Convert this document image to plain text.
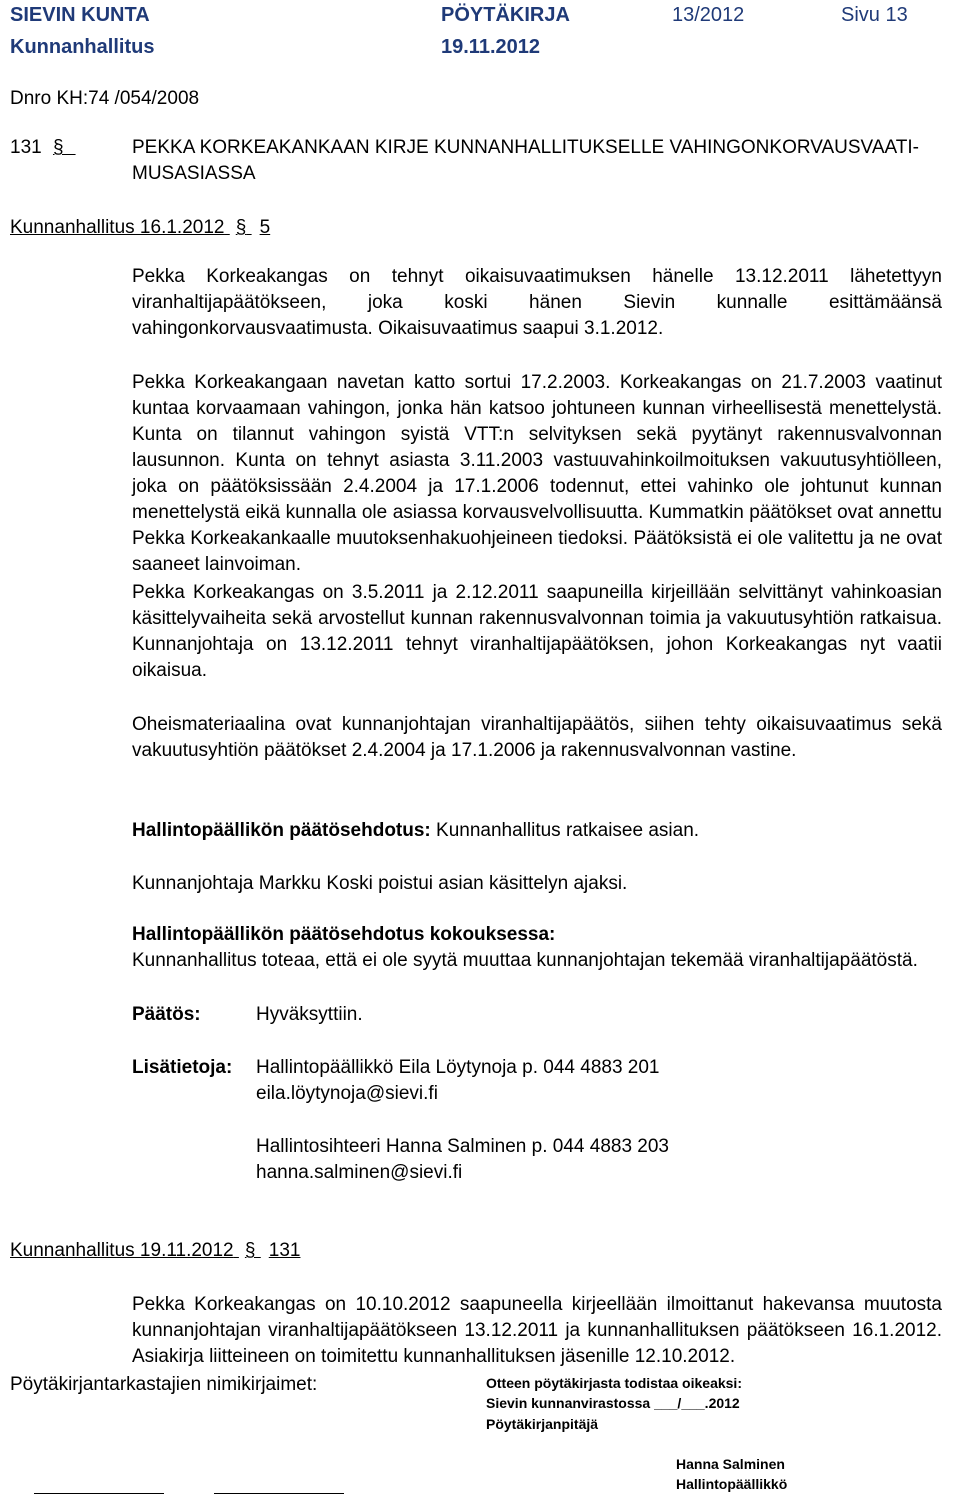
SIEVIN KUNTA	PÖYTÄKIRJA	13/2012	Sivu 13
Kunnanhallitus	19.11.2012
Dnro KH:74 /054/2008
131 §	PEKKA KORKEAKANKAAN KIRJE KUNNANHALLITUKSELLE VAHINGONKORVAUSVAATI-
MUSASIASSA
Kunnanhallitus 16.1.2012 § 5
Pekka Korkeakangas on tehnyt oikaisuvaatimuksen hänelle 13.12.2011 lähetettyyn viranhaltijapäätökseen, joka koski hänen Sievin kunnalle esittämäänsä vahingonkorvausvaatimusta. Oikaisuvaatimus saapui 3.1.2012.
Pekka Korkeakangaan navetan katto sortui 17.2.2003. Korkeakangas on 21.7.2003 vaatinut kuntaa korvaamaan vahingon, jonka hän katsoo johtuneen kunnan virheellisestä menettelystä. Kunta on tilannut vahingon syistä VTT:n selvityksen sekä pyytänyt rakennusvalvonnan lausunnon. Kunta on tehnyt asiasta 3.11.2003 vastuuvahinkoilmoituksen vakuutusyhtiölleen, joka on päätöksissään 2.4.2004 ja 17.1.2006 todennut, ettei vahinko ole johtunut kunnan menettelystä eikä kunnalla ole asiassa korvausvelvollisuutta. Kummatkin päätökset ovat annettu Pekka Korkeakankaalle muutoksenhakuohjeineen tiedoksi. Päätöksistä ei ole valitettu ja ne ovat saaneet lainvoiman.
Pekka Korkeakangas on 3.5.2011 ja 2.12.2011 saapuneilla kirjeillään selvittänyt vahinkoasian käsittelyvaiheita sekä arvostellut kunnan rakennusvalvonnan toimia ja vakuutusyhtiön ratkaisua. Kunnanjohtaja on 13.12.2011 tehnyt viranhaltijapäätöksen, johon Korkeakangas nyt vaatii oikaisua.
Oheismateriaalina ovat kunnanjohtajan viranhaltijapäätös, siihen tehty oikaisuvaatimus sekä vakuutusyhtiön päätökset 2.4.2004 ja 17.1.2006 ja rakennusvalvonnan vastine.
Hallintopäällikön päätösehdotus: Kunnanhallitus ratkaisee asian.
Kunnanjohtaja Markku Koski poistui asian käsittelyn ajaksi.
Hallintopäällikön päätösehdotus kokouksessa:
Kunnanhallitus toteaa, että ei ole syytä muuttaa kunnanjohtajan tekemää viranhaltijapäätöstä.
Päätös:	Hyväksyttiin.
Lisätietoja: Hallintopäällikkö Eila Löytynoja p. 044 4883 201
eila.löytynoja@sievi.fi
Hallintosihteeri Hanna Salminen p. 044 4883 203
hanna.salminen@sievi.fi
Kunnanhallitus 19.11.2012 § 131
Pekka Korkeakangas on 10.10.2012 saapuneella kirjeellään ilmoittanut hakevansa muutosta kunnanjohtajan viranhaltijapäätökseen 13.12.2011 ja kunnanhallituksen päätökseen 16.1.2012. Asiakirja liitteineen on toimitettu kunnanhallituksen jäsenille 12.10.2012.
Pöytäkirjantarkastajien nimikirjaimet:	Otteen pöytäkirjasta todistaa oikeaksi:
Sievin kunnanvirastossa ___/___.2012
Pöytäkirjanpitäjä
Hanna Salminen
Hallintopäällikkö
